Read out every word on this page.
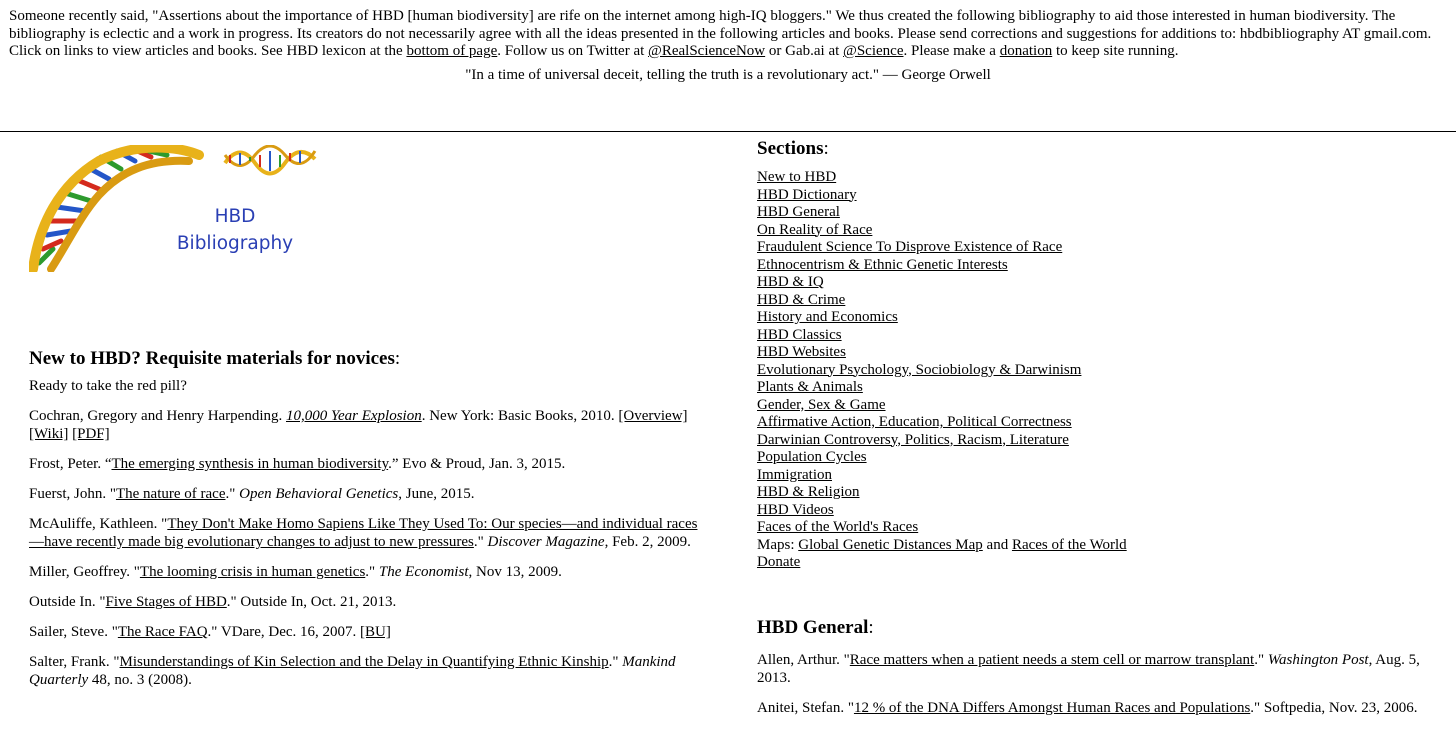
Someone recently said, "Assertions about the importance of HBD [human biodiversity] are rife on the internet among high-IQ bloggers." We thus created the following bibliography to aid those interested in human biodiversity. The bibliography is eclectic and a work in progress. Its creators do not necessarily agree with all the ideas presented in the following articles and books. Please send corrections and suggestions for additions to: hbdbibliography AT gmail.com. Click on links to view articles and books. See HBD lexicon at the bottom of page. Follow us on Twitter at @RealScienceNow or Gab.ai at @Science. Please make a donation to keep site running.
"In a time of universal deceit, telling the truth is a revolutionary act." — George Orwell
HBD
Bibliography
New to HBD? Requisite materials for novices:

Ready to take the red pill?

Cochran, Gregory and Henry Harpending. 10,000 Year Explosion. New York: Basic Books, 2010. [Overview] [Wiki] [PDF]

Frost, Peter. “The emerging synthesis in human biodiversity.” Evo & Proud, Jan. 3, 2015.

Fuerst, John. "The nature of race." Open Behavioral Genetics, June, 2015.

McAuliffe, Kathleen. "They Don't Make Homo Sapiens Like They Used To: Our species—and individual races—have recently made big evolutionary changes to adjust to new pressures." Discover Magazine, Feb. 2, 2009.

Miller, Geoffrey. "The looming crisis in human genetics." The Economist, Nov 13, 2009.

Outside In. "Five Stages of HBD." Outside In, Oct. 21, 2013.

Sailer, Steve. "The Race FAQ." VDare, Dec. 16, 2007. [BU]

Salter, Frank. "Misunderstandings of Kin Selection and the Delay in Quantifying Ethnic Kinship." Mankind Quarterly 48, no. 3 (2008).

Sections:
New to HBD
HBD Dictionary
HBD General
On Reality of Race
Fraudulent Science To Disprove Existence of Race
Ethnocentrism & Ethnic Genetic Interests
HBD & IQ
HBD & Crime
History and Economics
HBD Classics
HBD Websites
Evolutionary Psychology, Sociobiology & Darwinism
Plants & Animals
Gender, Sex & Game
Affirmative Action, Education, Political Correctness
Darwinian Controversy, Politics, Racism, Literature
Population Cycles
Immigration
HBD & Religion
HBD Videos
Faces of the World's Races
Maps: Global Genetic Distances Map and Races of the World
Donate
HBD General:

Allen, Arthur. "Race matters when a patient needs a stem cell or marrow transplant." Washington Post, Aug. 5, 2013.

Anitei, Stefan. "12 % of the DNA Differs Amongst Human Races and Populations." Softpedia, Nov. 23, 2006.
